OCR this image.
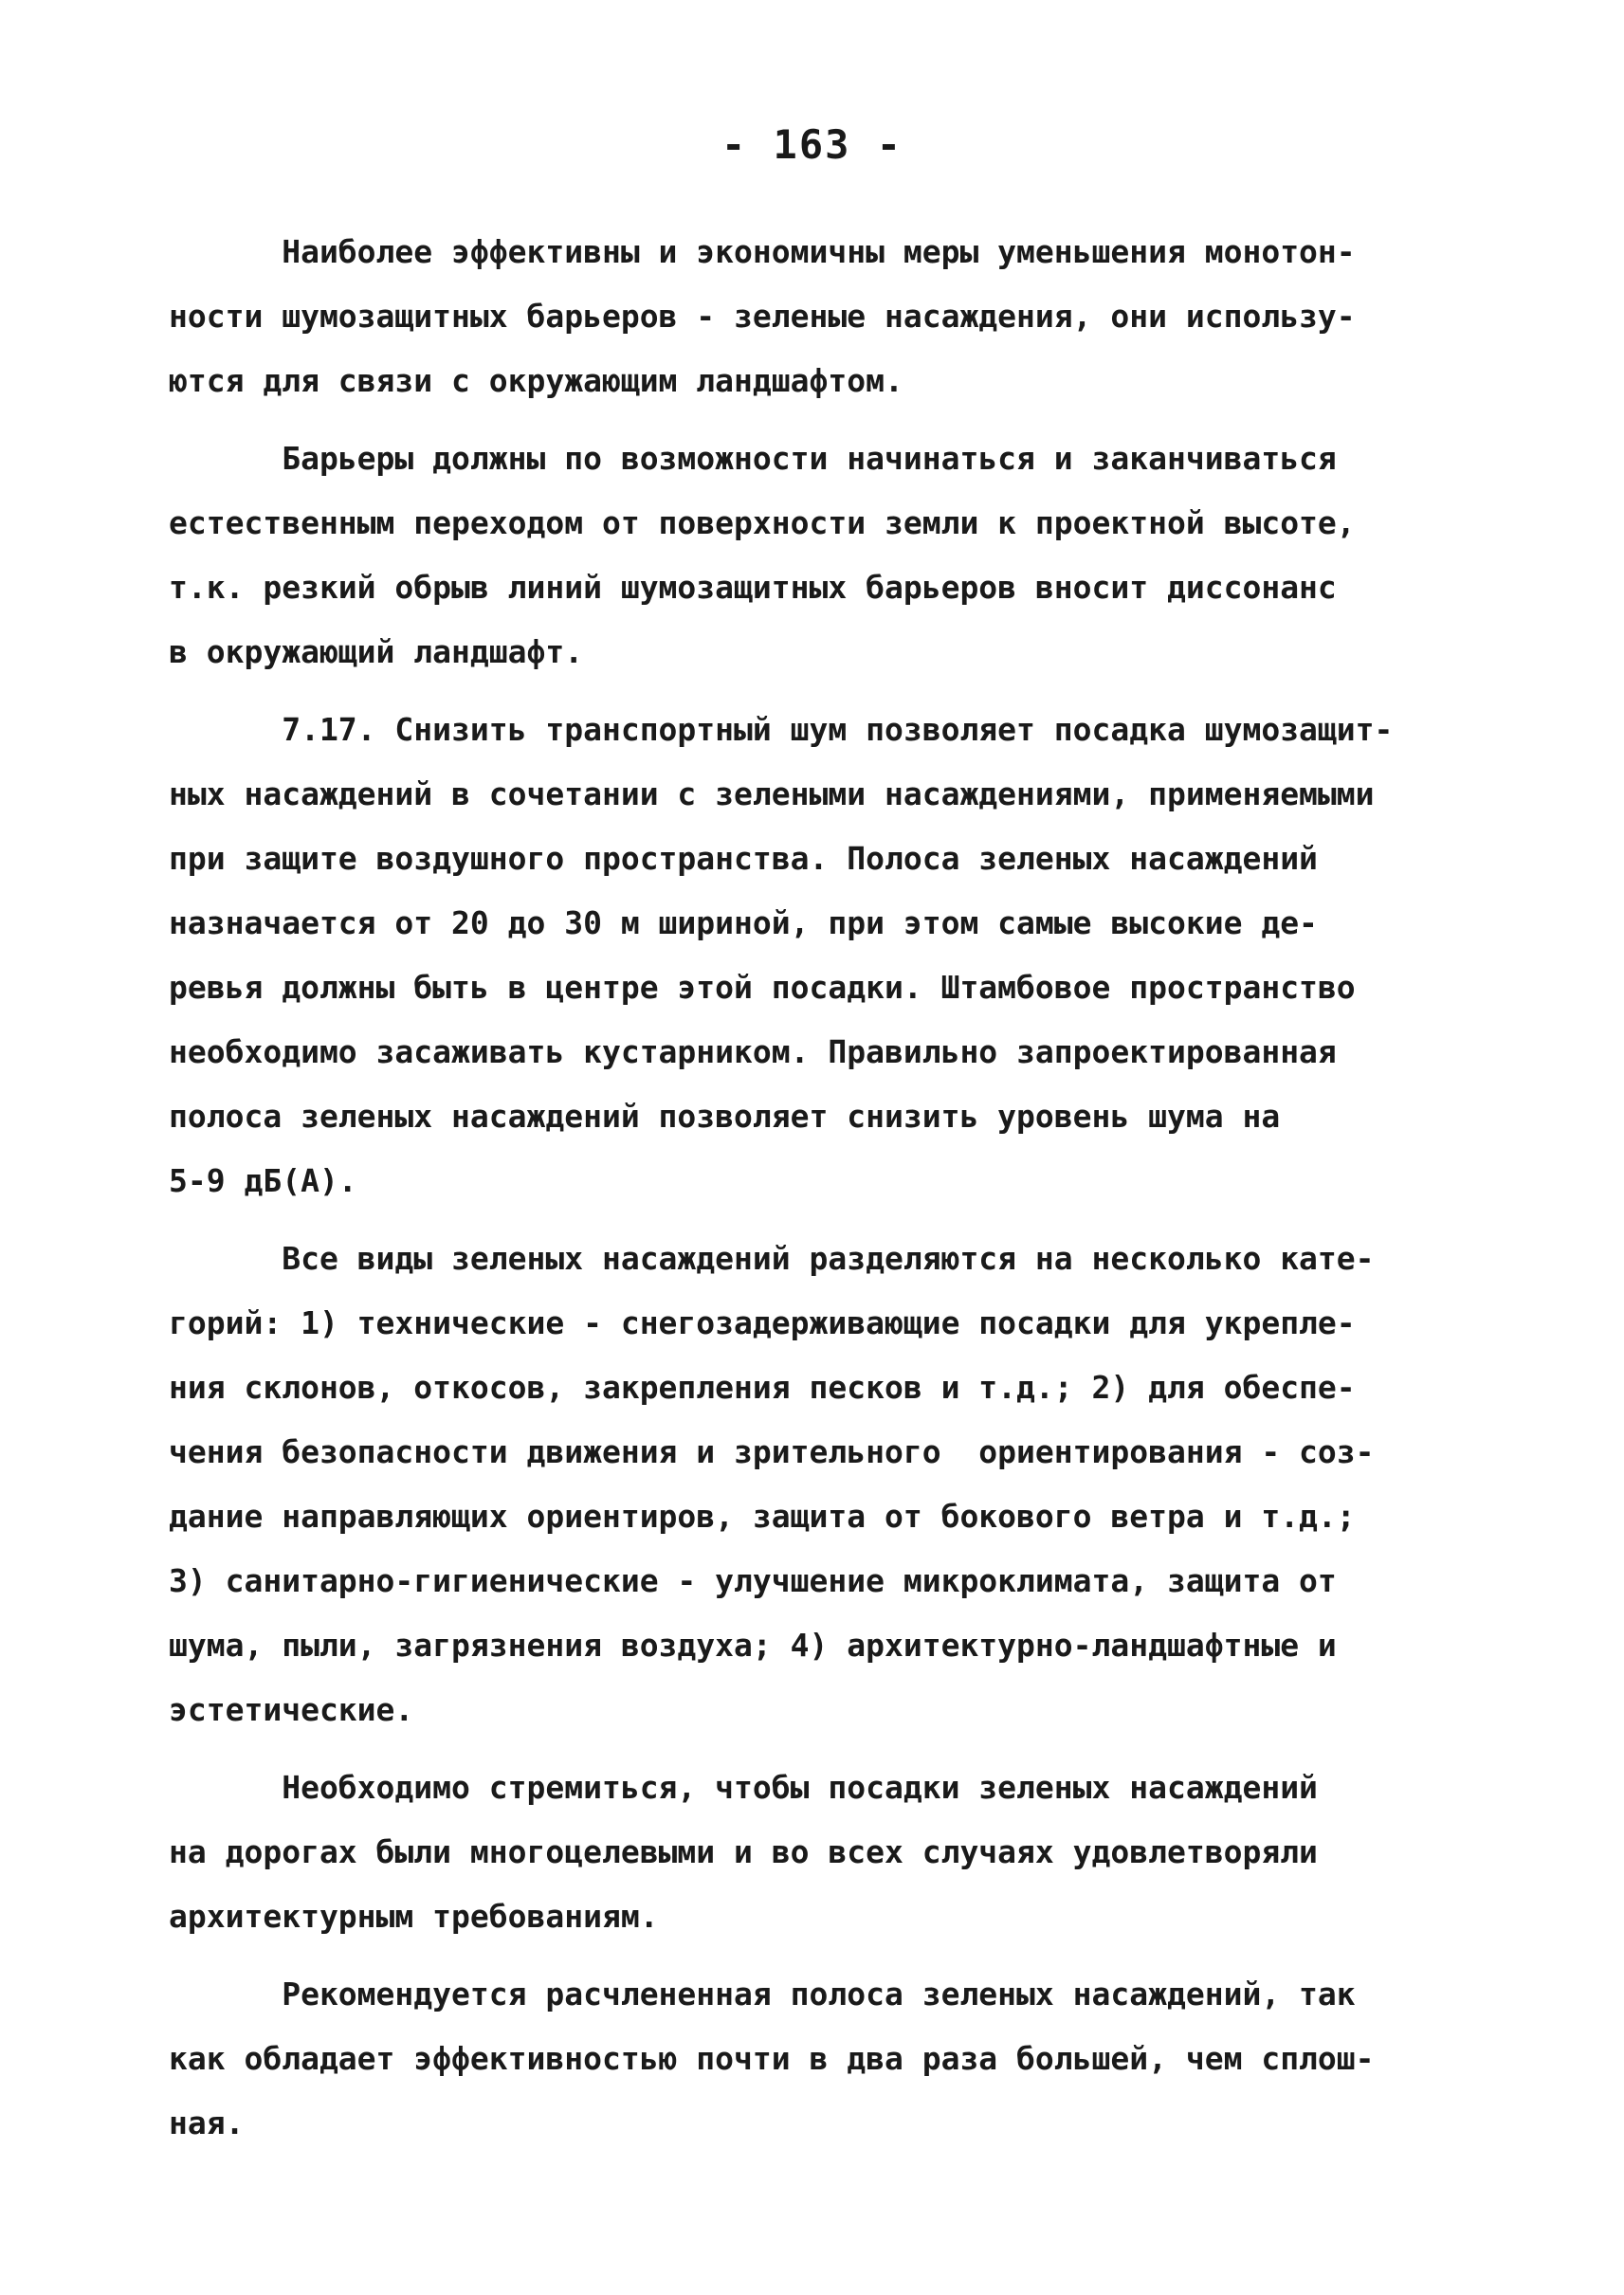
- 163 -
Наиболее эффективны и экономичны меры уменьшения монотон-
ности шумозащитных барьеров - зеленые насаждения, они использу-
ются для связи с окружающим ландшафтом.
Барьеры должны по возможности начинаться и заканчиваться
естественным переходом от поверхности земли к проектной высоте,
т.к. резкий обрыв линий шумозащитных барьеров вносит диссонанс
в окружающий ландшафт.
7.17. Снизить транспортный шум позволяет посадка шумозащит-
ных насаждений в сочетании с зелеными насаждениями, применяемыми
при защите воздушного пространства. Полоса зеленых насаждений
назначается от 20 до 30 м шириной, при этом самые высокие де-
ревья должны быть в центре этой посадки. Штамбовое пространство
необходимо засаживать кустарником. Правильно запроектированная
полоса зеленых насаждений позволяет снизить уровень шума на
5-9 дБ(А).
Все виды зеленых насаждений разделяются на несколько кате-
горий: 1) технические - снегозадерживающие посадки для укрепле-
ния склонов, откосов, закрепления песков и т.д.; 2) для обеспе-
чения безопасности движения и зрительного  ориентирования - соз-
дание направляющих ориентиров, защита от бокового ветра и т.д.;
3) санитарно-гигиенические - улучшение микроклимата, защита от
шума, пыли, загрязнения воздуха; 4) архитектурно-ландшафтные и
эстетические.
Необходимо стремиться, чтобы посадки зеленых насаждений
на дорогах были многоцелевыми и во всех случаях удовлетворяли
архитектурным требованиям.
Рекомендуется расчлененная полоса зеленых насаждений, так
как обладает эффективностью почти в два раза большей, чем сплош-
ная.
